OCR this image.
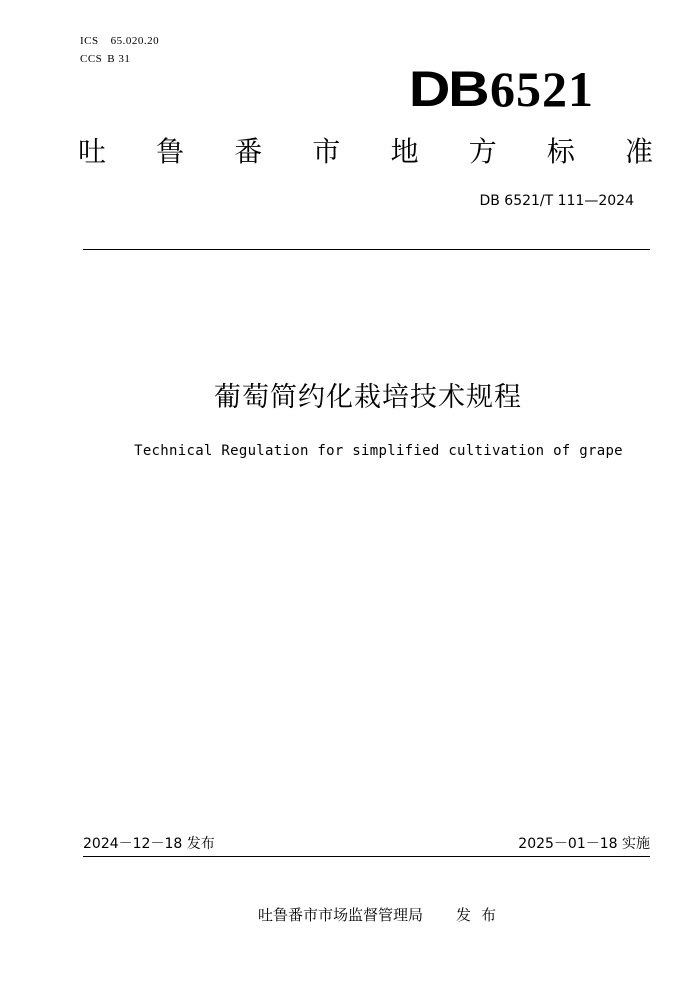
ICS 65.020.20
CCS B 31
DB6521
吐 鲁 番 市 地 方 标 准
DB 6521/T 111—2024
葡萄简约化栽培技术规程
Technical Regulation for simplified cultivation of grape
2024－12－18 发布	2025－01－18 实施
吐鲁番市市场监督管理局 发布
